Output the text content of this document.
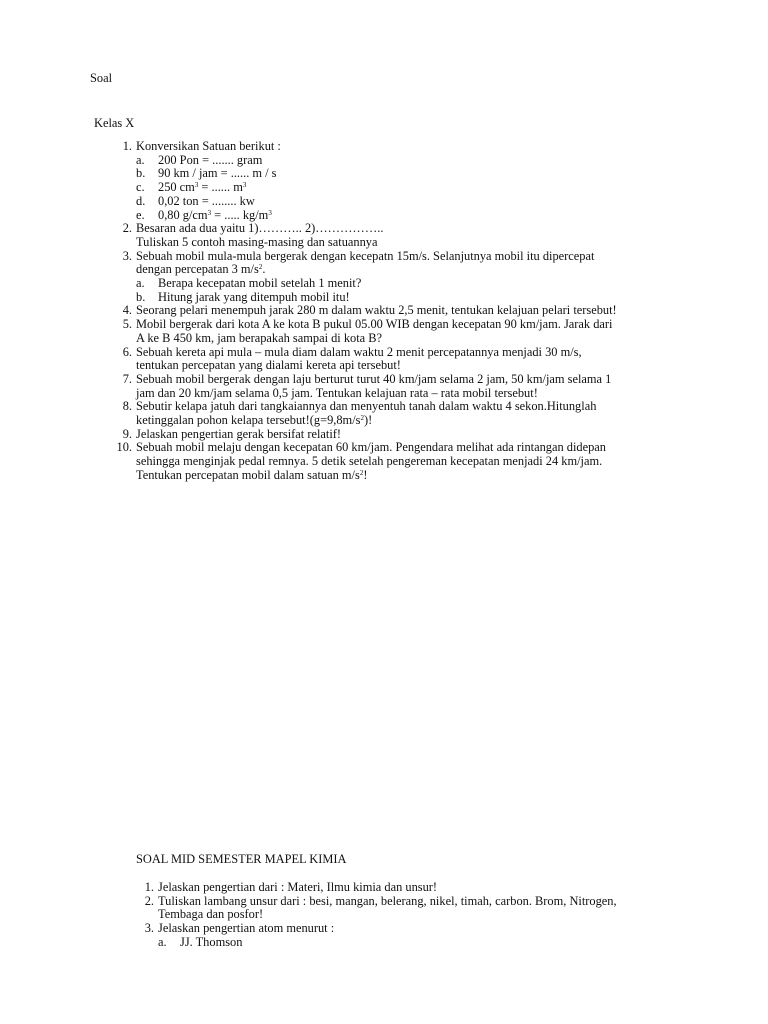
Soal
Kelas X
1. Konversikan Satuan berikut :
a. 200 Pon = ....... gram
b. 90 km / jam = ...... m / s
c. 250 $cm^3$ = ...... $m^3$
d. 0,02 ton = ........ kw
e. 0,80 $g/cm^3$ = ..... $kg/m^3$
2. Besaran ada dua yaitu 1)……….. 2)……………..
Tuliskan 5 contoh masing-masing dan satuannya
3. Sebuah mobil mula-mula bergerak dengan kecepatn 15m/s. Selanjutnya mobil itu dipercepat
dengan percepatan 3 $m/s^2$.
a. Berapa kecepatan mobil setelah 1 menit?
b. Hitung jarak yang ditempuh mobil itu!
4. Seorang pelari menempuh jarak 280 m dalam waktu 2,5 menit, tentukan kelajuan pelari tersebut!
5. Mobil bergerak dari kota A ke kota B pukul 05.00 WIB dengan kecepatan 90 km/jam. Jarak dari
A ke B 450 km, jam berapakah sampai di kota B?
6. Sebuah kereta api mula – mula diam dalam waktu 2 menit percepatannya menjadi 30 m/s,
tentukan percepatan yang dialami kereta api tersebut!
7. Sebuah mobil bergerak dengan laju berturut turut 40 km/jam selama 2 jam, 50 km/jam selama 1
jam dan 20 km/jam selama 0,5 jam. Tentukan kelajuan rata – rata mobil tersebut!
8. Sebutir kelapa jatuh dari tangkaiannya dan menyentuh tanah dalam waktu 4 sekon.Hitunglah
ketinggalan pohon kelapa $tersebut!(g=9,8m/s^2)$!
9. Jelaskan pengertian gerak bersifat relatif!
10. Sebuah mobil melaju dengan kecepatan 60 km/jam. Pengendara melihat ada rintangan didepan
sehingga menginjak pedal remnya. 5 detik setelah pengereman kecepatan menjadi 24 km/jam.
Tentukan percepatan mobil dalam satuan $m/s^2$!
SOAL MID SEMESTER MAPEL KIMIA
1. Jelaskan pengertian dari : Materi, Ilmu kimia dan unsur!
2. Tuliskan lambang unsur dari : besi, mangan, belerang, nikel, timah, carbon. Brom, Nitrogen,
Tembaga dan posfor!
3. Jelaskan pengertian atom menurut :
a. JJ. Thomson
